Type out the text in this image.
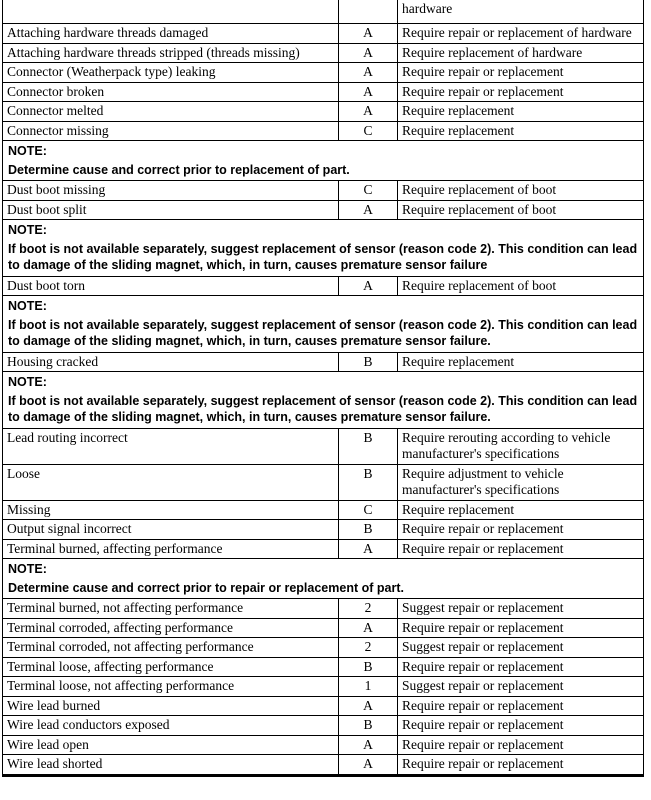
		hardware
Attaching hardware threads damaged	A	Require repair or replacement of hardware
Attaching hardware threads stripped (threads missing)	A	Require replacement of hardware
Connector (Weatherpack type) leaking	A	Require repair or replacement
Connector broken	A	Require repair or replacement
Connector melted	A	Require replacement
Connector missing	C	Require replacement

NOTE:
Determine cause and correct prior to replacement of part.		

Dust boot missing	C	Require replacement of boot
Dust boot split	A	Require replacement of boot

NOTE:
If boot is not available separately, suggest replacement of sensor (reason code 2). This condition can lead to damage of the sliding magnet, which, in turn, causes premature sensor failure		

Dust boot torn	A	Require replacement of boot

NOTE:
If boot is not available separately, suggest replacement of sensor (reason code 2). This condition can lead to damage of the sliding magnet, which, in turn, causes premature sensor failure.		

Housing cracked	B	Require replacement

NOTE:
If boot is not available separately, suggest replacement of sensor (reason code 2). This condition can lead to damage of the sliding magnet, which, in turn, causes premature sensor failure.		

Lead routing incorrect	B	Require rerouting according to vehicle manufacturer's specifications
Loose	B	Require adjustment to vehicle manufacturer's specifications
Missing	C	Require replacement
Output signal incorrect	B	Require repair or replacement
Terminal burned, affecting performance	A	Require repair or replacement

NOTE:
Determine cause and correct prior to repair or replacement of part.		

Terminal burned, not affecting performance	2	Suggest repair or replacement
Terminal corroded, affecting performance	A	Require repair or replacement
Terminal corroded, not affecting performance	2	Suggest repair or replacement
Terminal loose, affecting performance	B	Require repair or replacement
Terminal loose, not affecting performance	1	Suggest repair or replacement
Wire lead burned	A	Require repair or replacement
Wire lead conductors exposed	B	Require repair or replacement
Wire lead open	A	Require repair or replacement
Wire lead shorted	A	Require repair or replacement
